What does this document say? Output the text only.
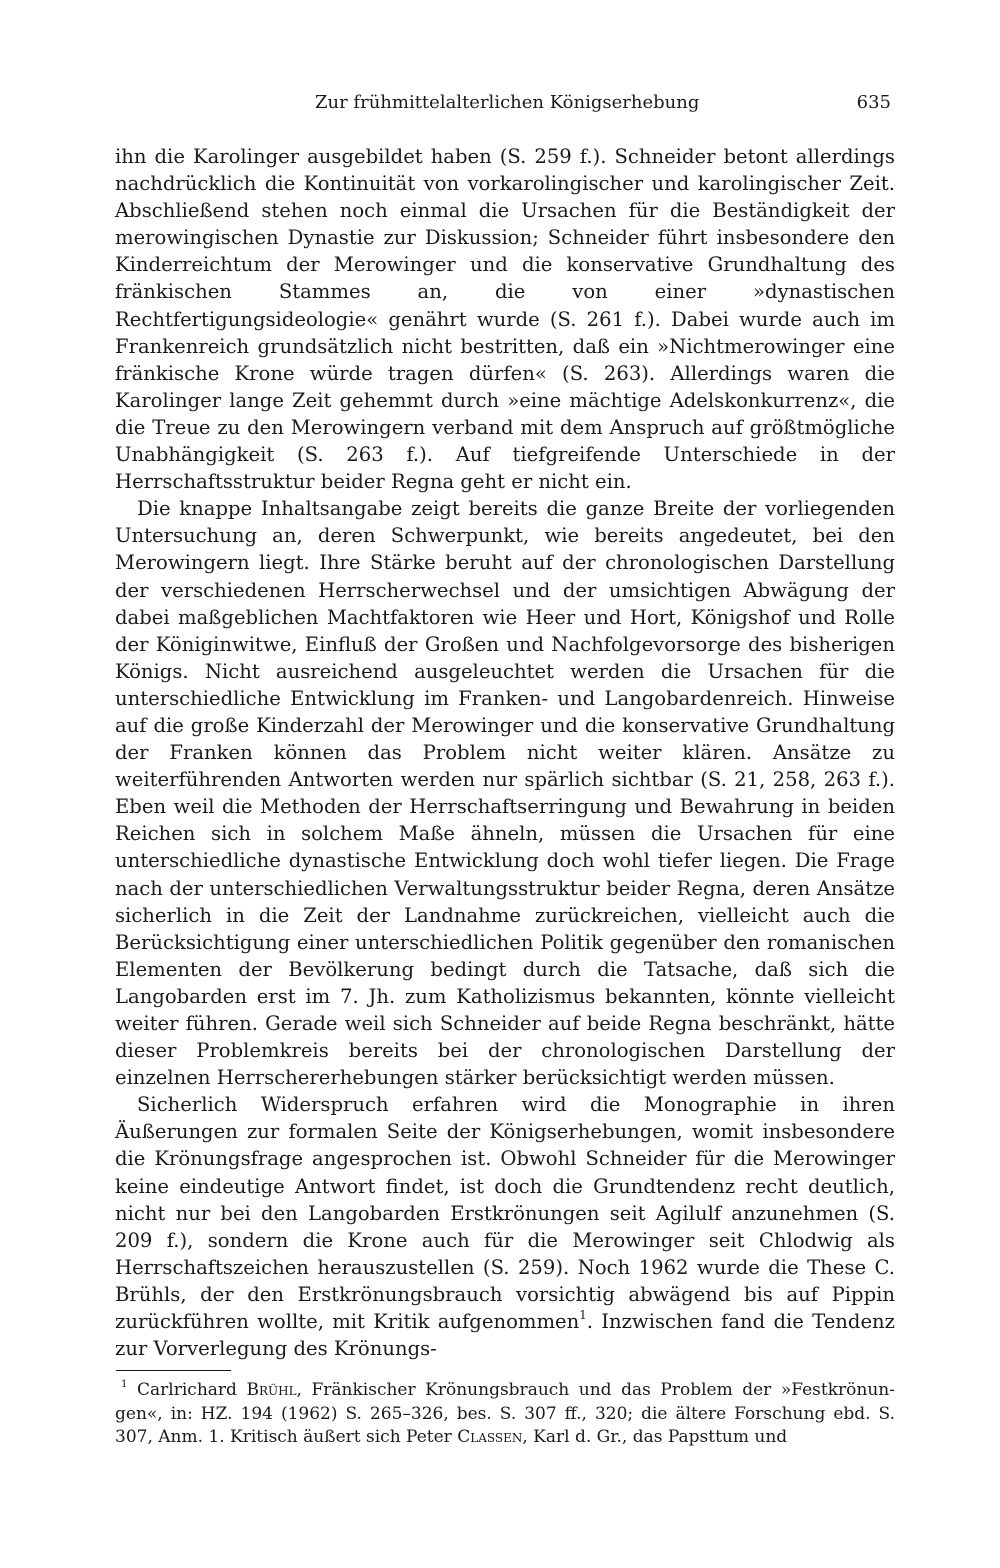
Zur frühmittelalterlichen Königserhebung	635

ihn die Karolinger ausgebildet haben (S. 259 f.). Schneider betont allerdings nachdrücklich die Kontinuität von vorkarolingischer und karolingischer Zeit. Abschließend stehen noch einmal die Ursachen für die Beständigkeit der merowingischen Dynastie zur Diskussion; Schneider führt insbesondere den Kinderreichtum der Merowinger und die konservative Grundhaltung des fränkischen Stammes an, die von einer »dynastischen Rechtfertigungsideologie« genährt wurde (S. 261 f.). Dabei wurde auch im Frankenreich grundsätzlich nicht bestritten, daß ein »Nichtmerowinger eine fränkische Krone würde tragen dürfen« (S. 263). Allerdings waren die Karolinger lange Zeit gehemmt durch »eine mächtige Adelskonkurrenz«, die die Treue zu den Merowingern verband mit dem Anspruch auf größtmögliche Unabhängigkeit (S. 263 f.). Auf tiefgreifende Unterschiede in der Herrschaftsstruktur beider Regna geht er nicht ein.

Die knappe Inhaltsangabe zeigt bereits die ganze Breite der vorliegenden Untersuchung an, deren Schwerpunkt, wie bereits angedeutet, bei den Merowingern liegt. Ihre Stärke beruht auf der chronologischen Darstellung der verschiedenen Herrscherwechsel und der umsichtigen Abwägung der dabei maßgeblichen Machtfaktoren wie Heer und Hort, Königshof und Rolle der Königinwitwe, Einfluß der Großen und Nachfolgevorsorge des bisherigen Königs. Nicht ausreichend ausgeleuchtet werden die Ursachen für die unterschiedliche Entwicklung im Franken- und Langobardenreich. Hinweise auf die große Kinderzahl der Merowinger und die konservative Grundhaltung der Franken können das Problem nicht weiter klären. Ansätze zu weiterführenden Antworten werden nur spärlich sichtbar (S. 21, 258, 263 f.). Eben weil die Methoden der Herrschaftserringung und Bewahrung in beiden Reichen sich in solchem Maße ähneln, müssen die Ursachen für eine unterschiedliche dynastische Entwicklung doch wohl tiefer liegen. Die Frage nach der unterschiedlichen Verwaltungsstruktur beider Regna, deren Ansätze sicherlich in die Zeit der Landnahme zurückreichen, vielleicht auch die Berücksichtigung einer unterschiedlichen Politik gegenüber den romanischen Elementen der Bevölkerung bedingt durch die Tatsache, daß sich die Langobarden erst im 7. Jh. zum Katholizismus bekannten, könnte vielleicht weiter führen. Gerade weil sich Schneider auf beide Regna beschränkt, hätte dieser Problemkreis bereits bei der chronologischen Darstellung der einzelnen Herrschererhebungen stärker berücksichtigt werden müssen.

Sicherlich Widerspruch erfahren wird die Monographie in ihren Äußerungen zur formalen Seite der Königserhebungen, womit insbesondere die Krönungsfrage angesprochen ist. Obwohl Schneider für die Merowinger keine eindeutige Antwort findet, ist doch die Grundtendenz recht deutlich, nicht nur bei den Langobarden Erstkrönungen seit Agilulf anzunehmen (S. 209 f.), sondern die Krone auch für die Merowinger seit Chlodwig als Herrschaftszeichen herauszustellen (S. 259). Noch 1962 wurde die These C. Brühls, der den Erstkrönungsbrauch vorsichtig abwägend bis auf Pippin zurückführen wollte, mit Kritik aufgenommen$^1$. Inzwischen fand die Tendenz zur Vorverlegung des Krönungs-

$^1$ Carlrichard Brühl, Fränkischer Krönungsbrauch und das Problem der »Festkrönungen«, in: HZ. 194 (1962) S. 265–326, bes. S. 307 ff., 320; die ältere Forschung ebd. S. 307, Anm. 1. Kritisch äußert sich Peter Classen, Karl d. Gr., das Papsttum und
